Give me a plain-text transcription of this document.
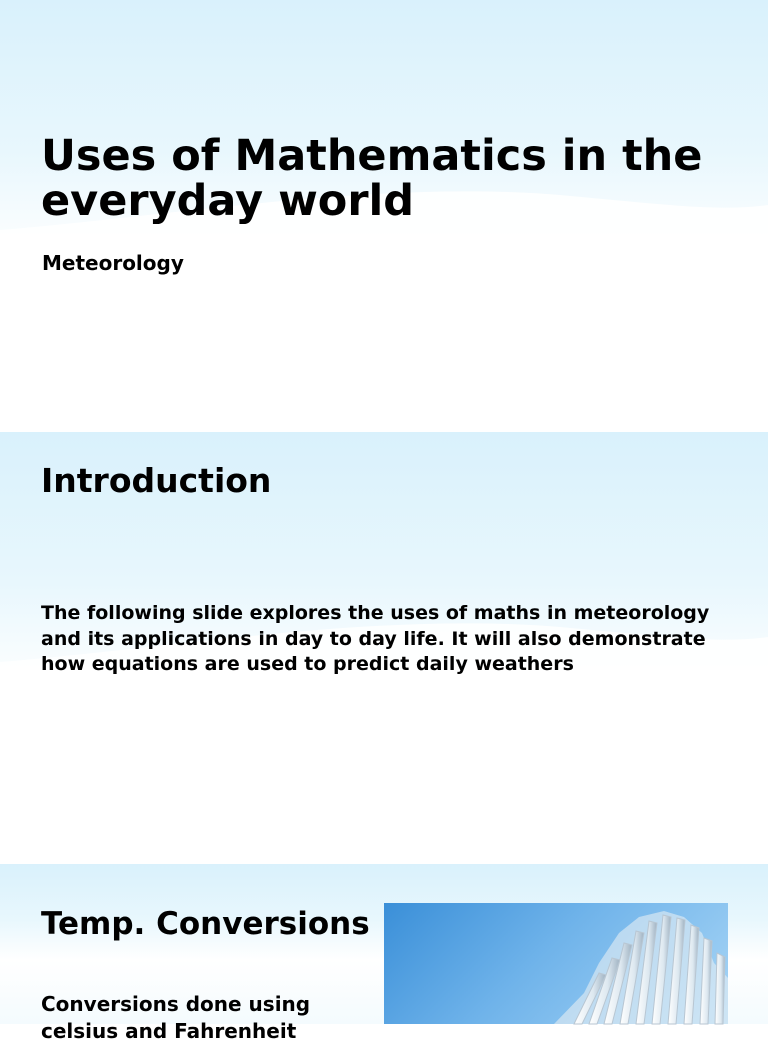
Uses of Mathematics in the everyday world

Meteorology

Introduction

The following slide explores the uses of maths in meteorology and its applications in day to day life. It will also demonstrate how equations are used to predict daily weathers

Temp. Conversions

Conversions done using celsius and Fahrenheit
